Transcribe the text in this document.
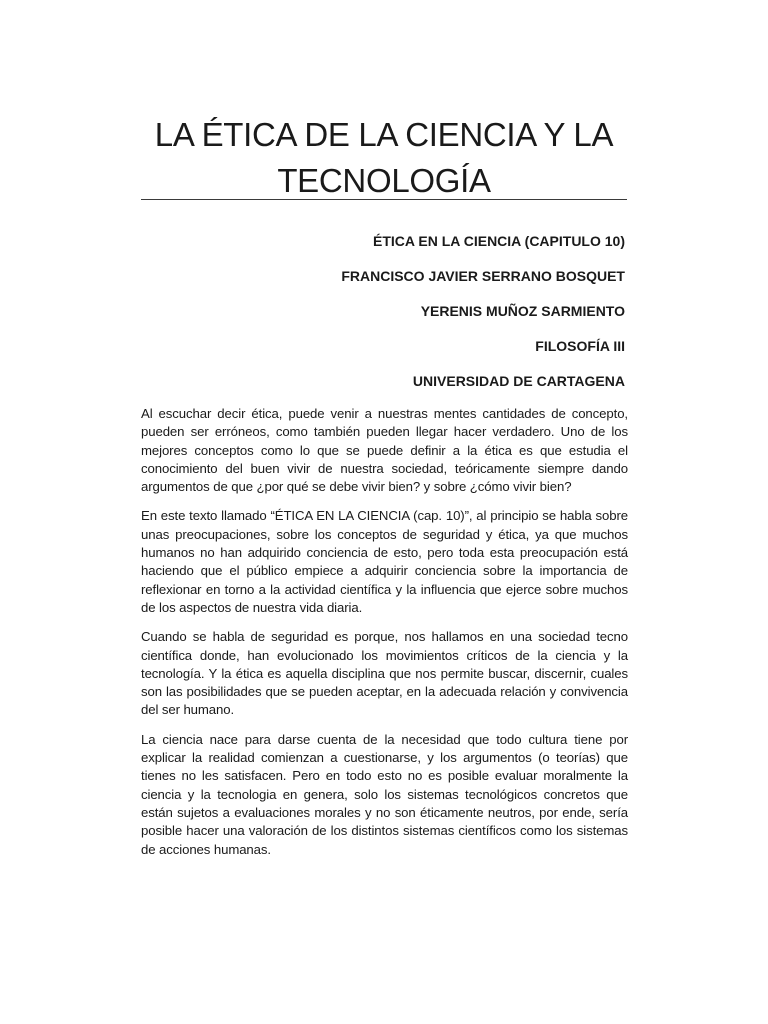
LA ÉTICA DE LA CIENCIA Y LA
TECNOLOGÍA
ÉTICA EN LA CIENCIA (CAPITULO 10)
FRANCISCO JAVIER SERRANO BOSQUET
YERENIS MUÑOZ SARMIENTO
FILOSOFÍA III
UNIVERSIDAD DE CARTAGENA

Al escuchar decir ética, puede venir a nuestras mentes cantidades de concepto, pueden ser erróneos, como también pueden llegar hacer verdadero. Uno de los mejores conceptos como lo que se puede definir a la ética es que estudia el conocimiento del buen vivir de nuestra sociedad, teóricamente siempre dando argumentos de que ¿por qué se debe vivir bien? y sobre ¿cómo vivir bien?

En este texto llamado “ÉTICA EN LA CIENCIA (cap. 10)”, al principio se habla sobre unas preocupaciones, sobre los conceptos de seguridad y ética, ya que muchos humanos no han adquirido conciencia de esto, pero toda esta preocupación está haciendo que el público empiece a adquirir conciencia sobre la importancia de reflexionar en torno a la actividad científica y la influencia que ejerce sobre muchos de los aspectos de nuestra vida diaria.

Cuando se habla de seguridad es porque, nos hallamos en una sociedad tecno científica donde, han evolucionado los movimientos críticos de la ciencia y la tecnología. Y la ética es aquella disciplina que nos permite buscar, discernir, cuales son las posibilidades que se pueden aceptar, en la adecuada relación y convivencia del ser humano.

La ciencia nace para darse cuenta de la necesidad que todo cultura tiene por explicar la realidad comienzan a cuestionarse, y los argumentos (o teorías) que tienes no les satisfacen. Pero en todo esto no es posible evaluar moralmente la ciencia y la tecnologia en genera, solo los sistemas tecnológicos concretos que están sujetos a evaluaciones morales y no son éticamente neutros, por ende, sería posible hacer una valoración de los distintos sistemas científicos como los sistemas de acciones humanas.
